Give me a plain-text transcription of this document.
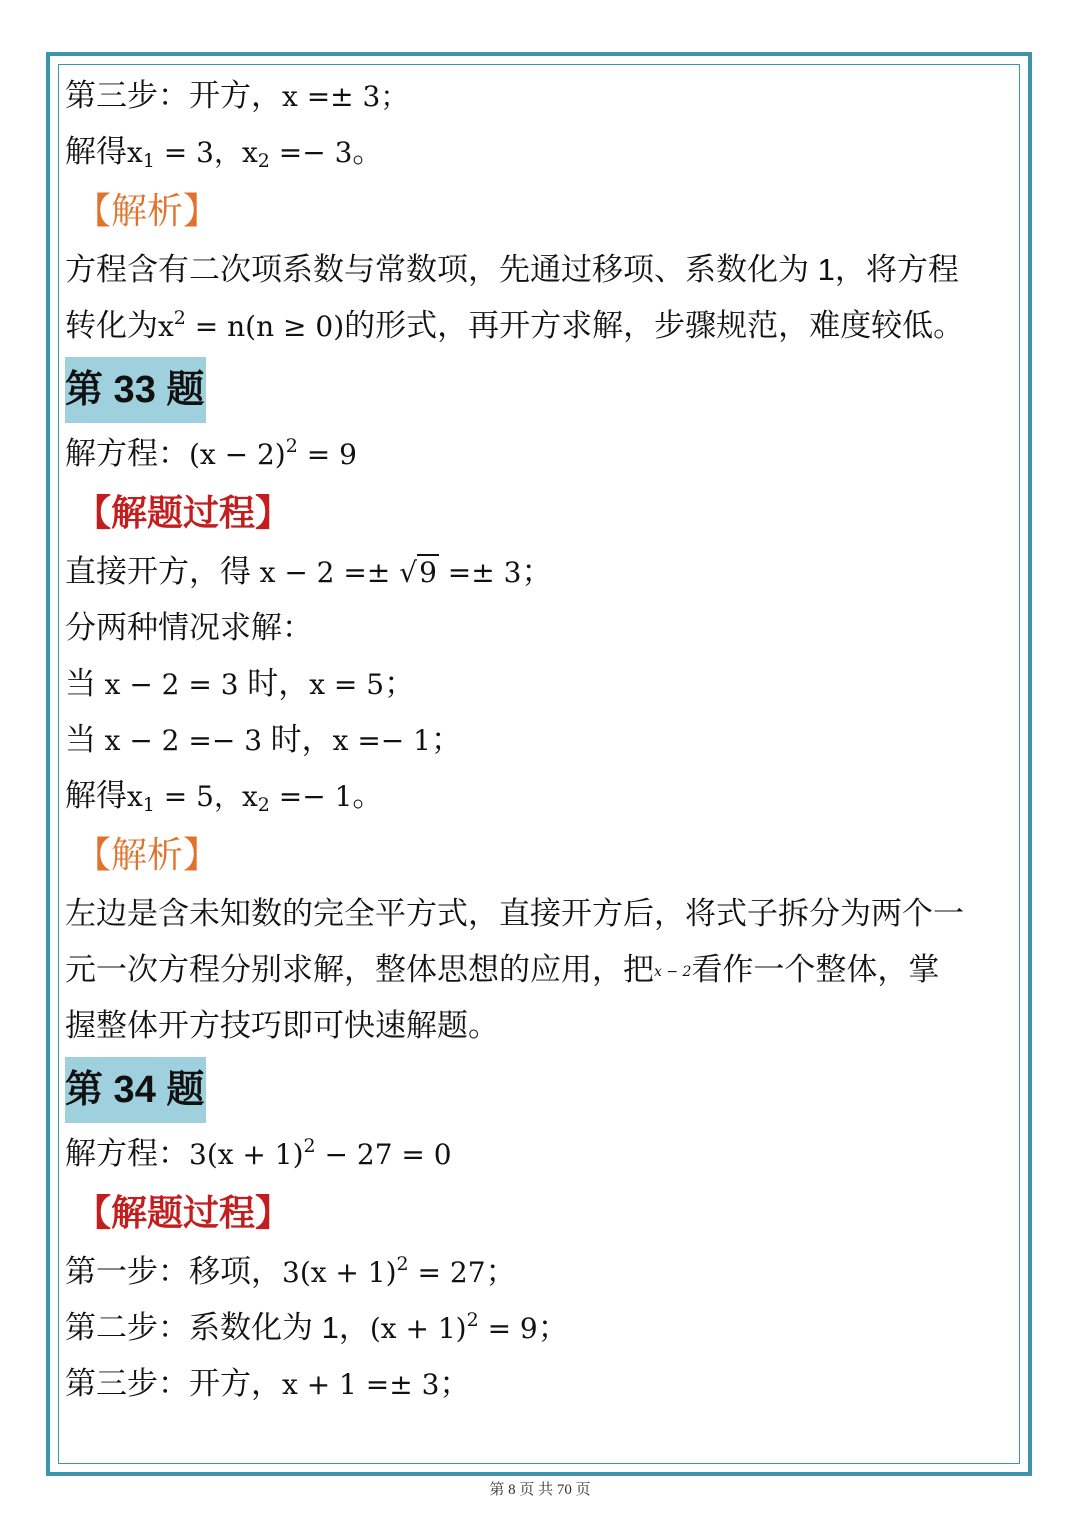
第三步：开方，x =± 3；
解得$x_1 = 3$，$x_2 =- 3$。
【解析】
方程含有二次项系数与常数项，先通过移项、系数化为 1，将方程
转化为$x^2 = n(n \ge 0)$的形式，再开方求解，步骤规范，难度较低。
第 33 题
解方程：$(x - 2)^2 = 9$
【解题过程】
直接开方，得 x − 2 =± √9 =± 3；
分两种情况求解：
当 x − 2 = 3 时，x = 5；
当 x − 2 =− 3 时，x =− 1；
解得$x_1 = 5$，$x_2 =- 1$。
【解析】
左边是含未知数的完全平方式，直接开方后，将式子拆分为两个一
元一次方程分别求解，整体思想的应用，把x − 2看作一个整体，掌
握整体开方技巧即可快速解题。
第 34 题
解方程：$3(x + 1)^2 - 27 = 0$
【解题过程】
第一步：移项，$3(x + 1)^2 = 27$；
第二步：系数化为 1，$(x + 1)^2 = 9$；
第三步：开方，x + 1 =± 3；
第 8 页 共 70 页
